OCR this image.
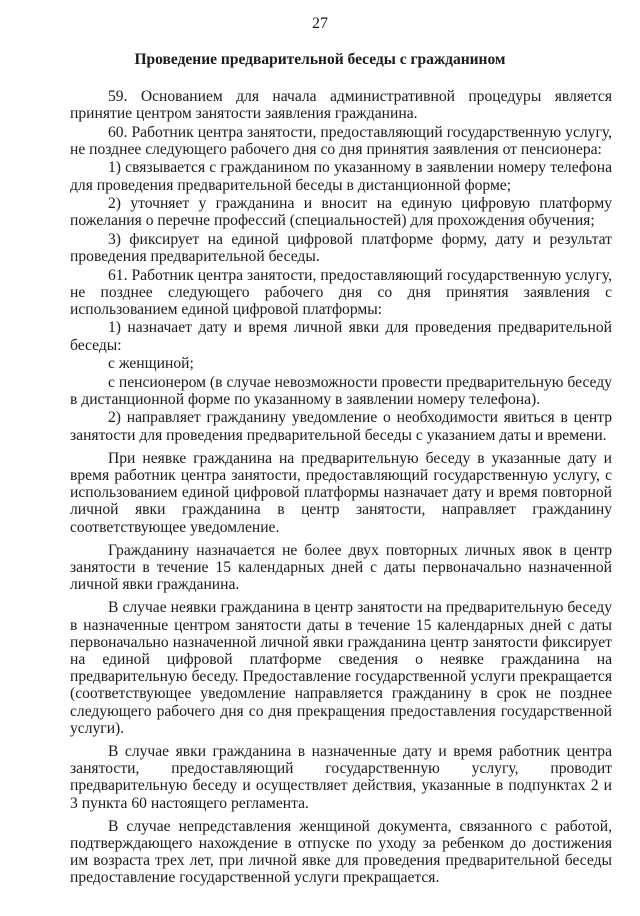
27
Проведение предварительной беседы с гражданином

59. Основанием для начала административной процедуры является принятие центром занятости заявления гражданина.

60. Работник центра занятости, предоставляющий государственную услугу, не позднее следующего рабочего дня со дня принятия заявления от пенсионера:

1) связывается с гражданином по указанному в заявлении номеру телефона для проведения предварительной беседы в дистанционной форме;

2) уточняет у гражданина и вносит на единую цифровую платформу пожелания о перечне профессий (специальностей) для прохождения обучения;

3) фиксирует на единой цифровой платформе форму, дату и результат проведения предварительной беседы.

61. Работник центра занятости, предоставляющий государственную услугу, не позднее следующего рабочего дня со дня принятия заявления с использованием единой цифровой платформы:

1) назначает дату и время личной явки для проведения предварительной беседы:

с женщиной;

с пенсионером (в случае невозможности провести предварительную беседу в дистанционной форме по указанному в заявлении номеру телефона).

2) направляет гражданину уведомление о необходимости явиться в центр занятости для проведения предварительной беседы с указанием даты и времени.

При неявке гражданина на предварительную беседу в указанные дату и время работник центра занятости, предоставляющий государственную услугу, с использованием единой цифровой платформы назначает дату и время повторной личной явки гражданина в центр занятости, направляет гражданину соответствующее уведомление.

Гражданину назначается не более двух повторных личных явок в центр занятости в течение 15 календарных дней с даты первоначально назначенной личной явки гражданина.

В случае неявки гражданина в центр занятости на предварительную беседу в назначенные центром занятости даты в течение 15 календарных дней с даты первоначально назначенной личной явки гражданина центр занятости фиксирует на единой цифровой платформе сведения о неявке гражданина на предварительную беседу. Предоставление государственной услуги прекращается (соответствующее уведомление направляется гражданину в срок не позднее следующего рабочего дня со дня прекращения предоставления государственной услуги).

В случае явки гражданина в назначенные дату и время работник центра занятости, предоставляющий государственную услугу, проводит предварительную беседу и осуществляет действия, указанные в подпунктах 2 и 3 пункта 60 настоящего регламента.

В случае непредставления женщиной документа, связанного с работой, подтверждающего нахождение в отпуске по уходу за ребенком до достижения им возраста трех лет, при личной явке для проведения предварительной беседы предоставление государственной услуги прекращается.
